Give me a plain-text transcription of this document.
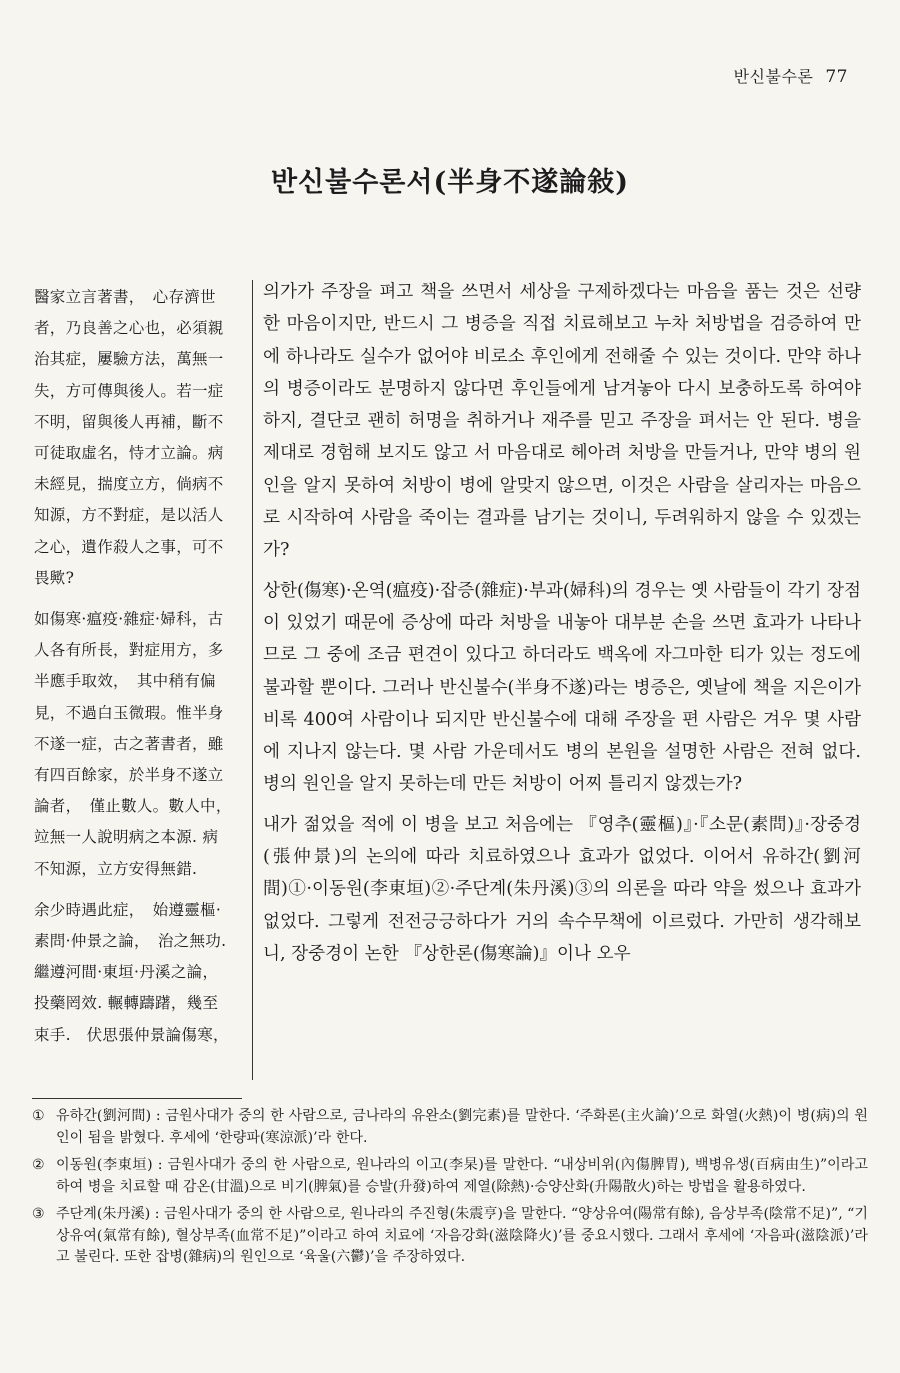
반신불수론 77
반신불수론서(半身不遂論敍)

醫家立言著書，　心存濟世者，乃良善之心也，必須親治其症，屢驗方法，萬無一失，方可傳與後人。若一症不明，留與後人再補，斷不可徒取虛名，恃才立論。病未經見，揣度立方，倘病不知源，方不對症，是以活人之心，遺作殺人之事，可不畏歟?

如傷寒·瘟疫·雜症·婦科，古人各有所長，對症用方，多半應手取效，　其中稍有偏見，不過白玉微瑕。惟半身不遂一症，古之著書者，雖有四百餘家，於半身不遂立論者，　僅止數人。數人中，竝無一人說明病之本源. 病不知源，立方安得無錯.

余少時遇此症，　始遵靈樞·素問·仲景之論，　治之無功.繼遵河間·東垣·丹溪之論，投藥罔效. 輾轉躊躇，幾至束手.　伏思張仲景論傷寒，

의가가 주장을 펴고 책을 쓰면서 세상을 구제하겠다는 마음을 품는 것은 선량한 마음이지만, 반드시 그 병증을 직접 치료해보고 누차 처방법을 검증하여 만에 하나라도 실수가 없어야 비로소 후인에게 전해줄 수 있는 것이다. 만약 하나의 병증이라도 분명하지 않다면 후인들에게 남겨놓아 다시 보충하도록 하여야 하지, 결단코 괜히 허명을 취하거나 재주를 믿고 주장을 펴서는 안 된다. 병을 제대로 경험해 보지도 않고 서 마음대로 헤아려 처방을 만들거나, 만약 병의 원인을 알지 못하여 처방이 병에 알맞지 않으면, 이것은 사람을 살리자는 마음으로 시작하여 사람을 죽이는 결과를 남기는 것이니, 두려워하지 않을 수 있겠는가?

상한(傷寒)·온역(瘟疫)·잡증(雜症)·부과(婦科)의 경우는 옛 사람들이 각기 장점이 있었기 때문에 증상에 따라 처방을 내놓아 대부분 손을 쓰면 효과가 나타나므로 그 중에 조금 편견이 있다고 하더라도 백옥에 자그마한 티가 있는 정도에 불과할 뿐이다. 그러나 반신불수(半身不遂)라는 병증은, 옛날에 책을 지은이가 비록 400여 사람이나 되지만 반신불수에 대해 주장을 편 사람은 겨우 몇 사람에 지나지 않는다. 몇 사람 가운데서도 병의 본원을 설명한 사람은 전혀 없다. 병의 원인을 알지 못하는데 만든 처방이 어찌 틀리지 않겠는가?

내가 젊었을 적에 이 병을 보고 처음에는 『영추(靈樞)』·『소문(素問)』·장중경(張仲景)의 논의에 따라 치료하였으나 효과가 없었다. 이어서 유하간(劉河間)①·이동원(李東垣)②·주단계(朱丹溪)③의 의론을 따라 약을 썼으나 효과가 없었다. 그렇게 전전긍긍하다가 거의 속수무책에 이르렀다. 가만히 생각해보니, 장중경이 논한 『상한론(傷寒論)』이나 오우

① 유하간(劉河間) : 금원사대가 중의 한 사람으로, 금나라의 유완소(劉完素)를 말한다. ‘주화론(主火論)’으로 화열(火熱)이 병(病)의 원인이 됨을 밝혔다. 후세에 ‘한량파(寒涼派)’라 한다.
② 이동원(李東垣) : 금원사대가 중의 한 사람으로, 원나라의 이고(李杲)를 말한다. “내상비위(內傷脾胃), 백병유생(百病由生)”이라고 하여 병을 치료할 때 감온(甘溫)으로 비기(脾氣)를 승발(升發)하여 제열(除熱)·승양산화(升陽散火)하는 방법을 활용하였다.
③ 주단계(朱丹溪) : 금원사대가 중의 한 사람으로, 원나라의 주진형(朱震亨)을 말한다. “양상유여(陽常有餘), 음상부족(陰常不足)”, “기상유여(氣常有餘), 혈상부족(血常不足)”이라고 하여 치료에 ‘자음강화(滋陰降火)’를 중요시했다. 그래서 후세에 ‘자음파(滋陰派)’라고 불린다. 또한 잡병(雜病)의 원인으로 ‘육울(六鬱)’을 주장하였다.
